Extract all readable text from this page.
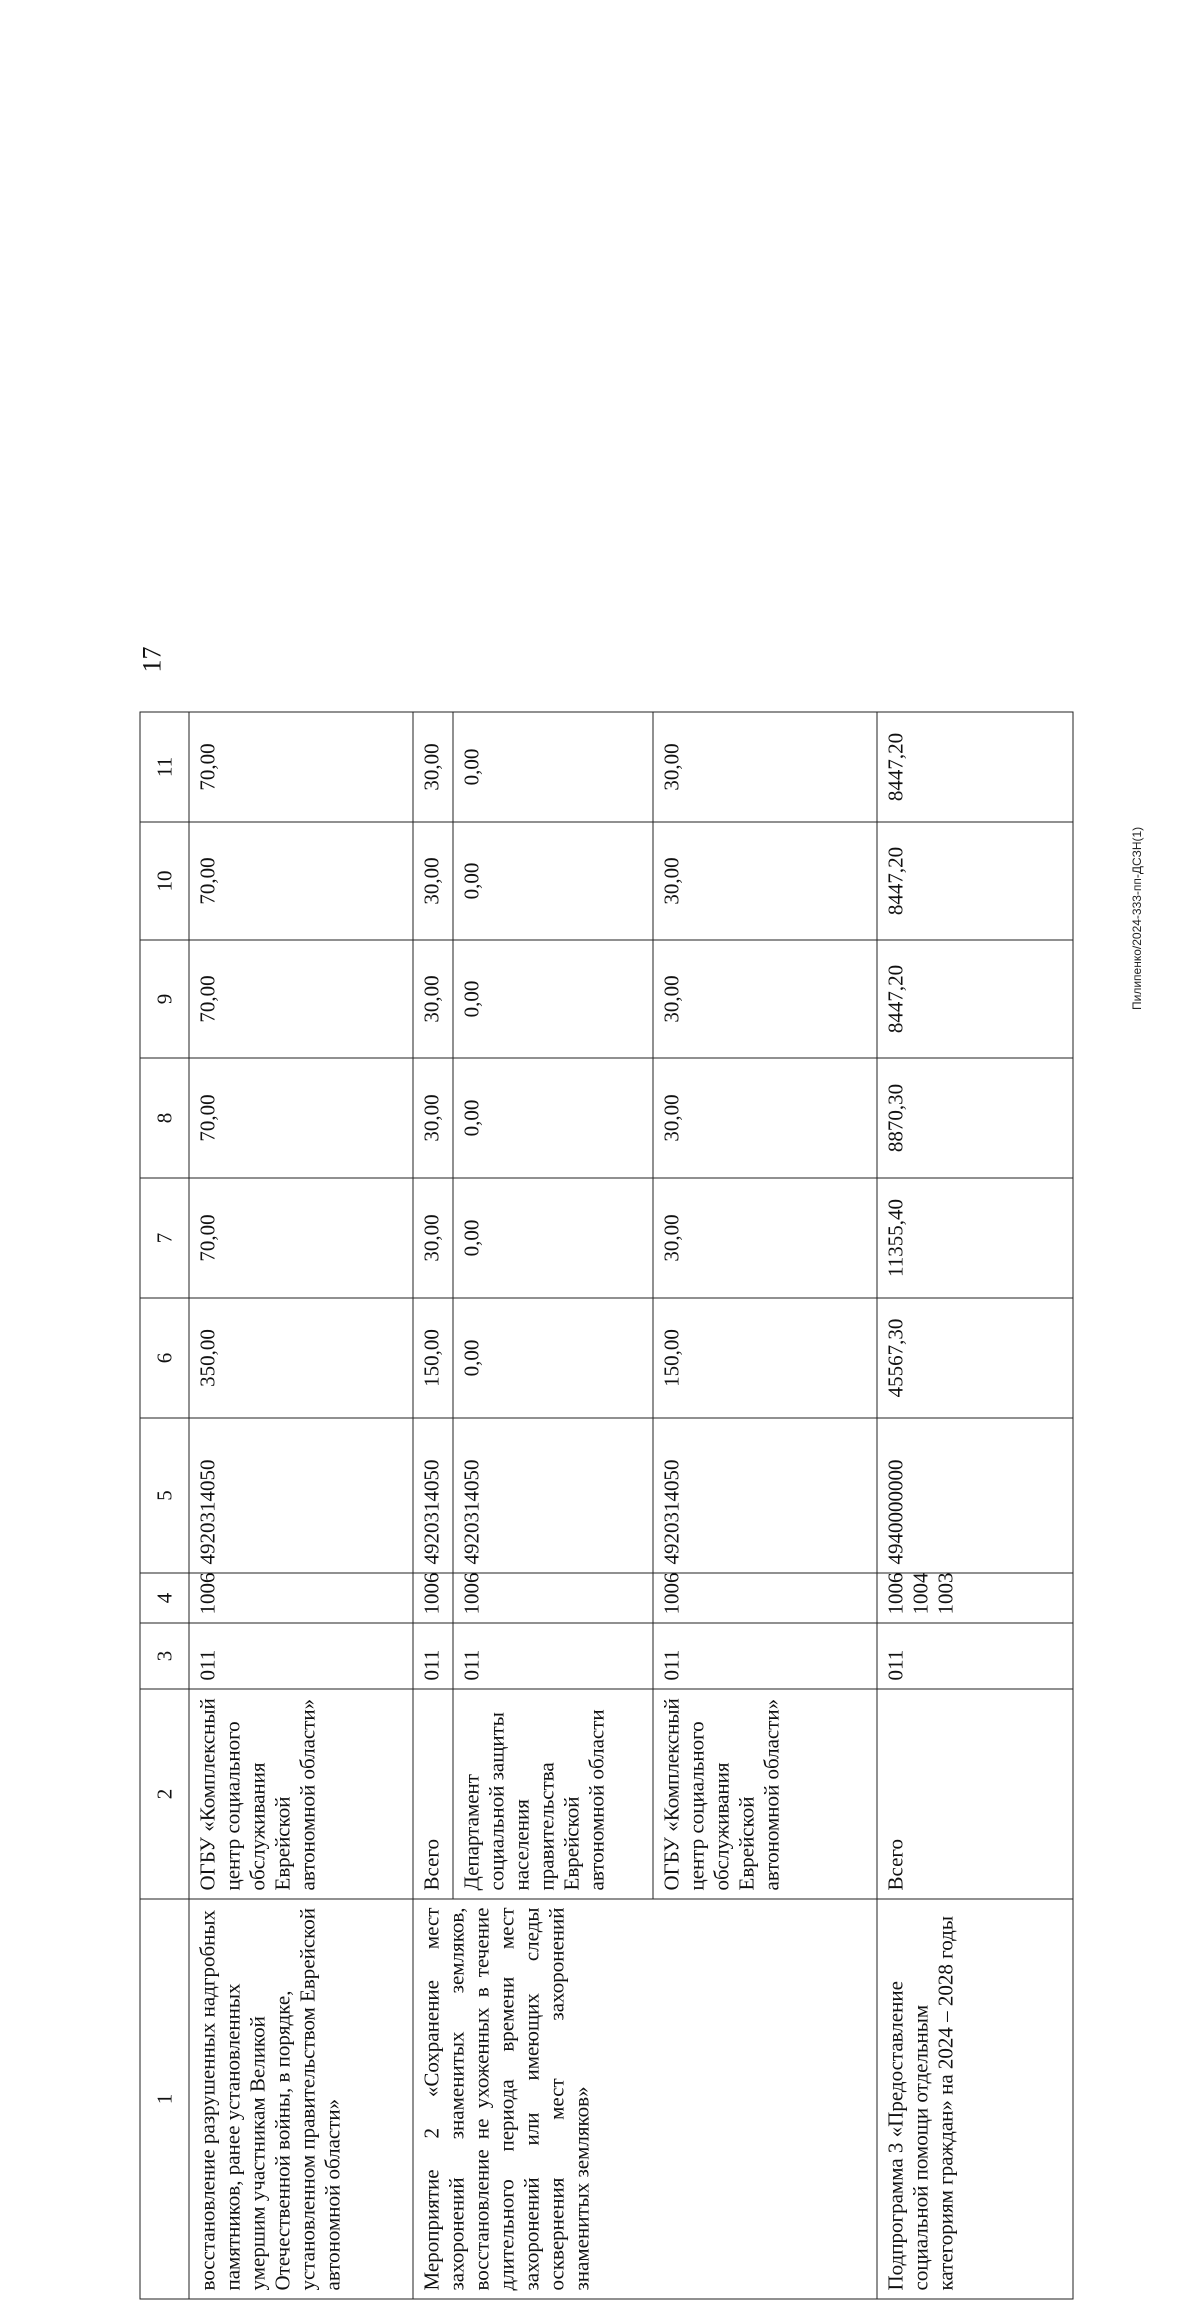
17
1	2	3	4	5	6	7	8	9	10	11
восстановление разрушенных надгробных памятников, ранее установленных умершим участникам Великой Отечественной войны, в порядке, установленном правительством Еврейской автономной области»	ОГБУ «Комплексный центр социального обслуживания Еврейской автономной области»	011	1006	4920314050	350,00	70,00	70,00	70,00	70,00	70,00
Мероприятие 2 «Сохранение мест захоронений знаменитых земляков, восстановление не ухоженных в течение длительного периода времени мест захоронений или имеющих следы осквернения мест захоронений знаменитых земляков»	Всего	011	1006	4920314050	150,00	30,00	30,00	30,00	30,00	30,00
	Департамент социальной защиты населения правительства Еврейской автономной области	011	1006	4920314050	0,00	0,00	0,00	0,00	0,00	0,00
	ОГБУ «Комплексный центр социального обслуживания Еврейской автономной области»	011	1006	4920314050	150,00	30,00	30,00	30,00	30,00	30,00
Подпрограмма 3 «Предоставление социальной помощи отдельным категориям граждан» на 2024 – 2028 годы	Всего	011	1006 1004 1003	4940000000	45567,30	11355,40	8870,30	8447,20	8447,20	8447,20
Пилипенко/2024-333-пп-ДСЗН(1)
